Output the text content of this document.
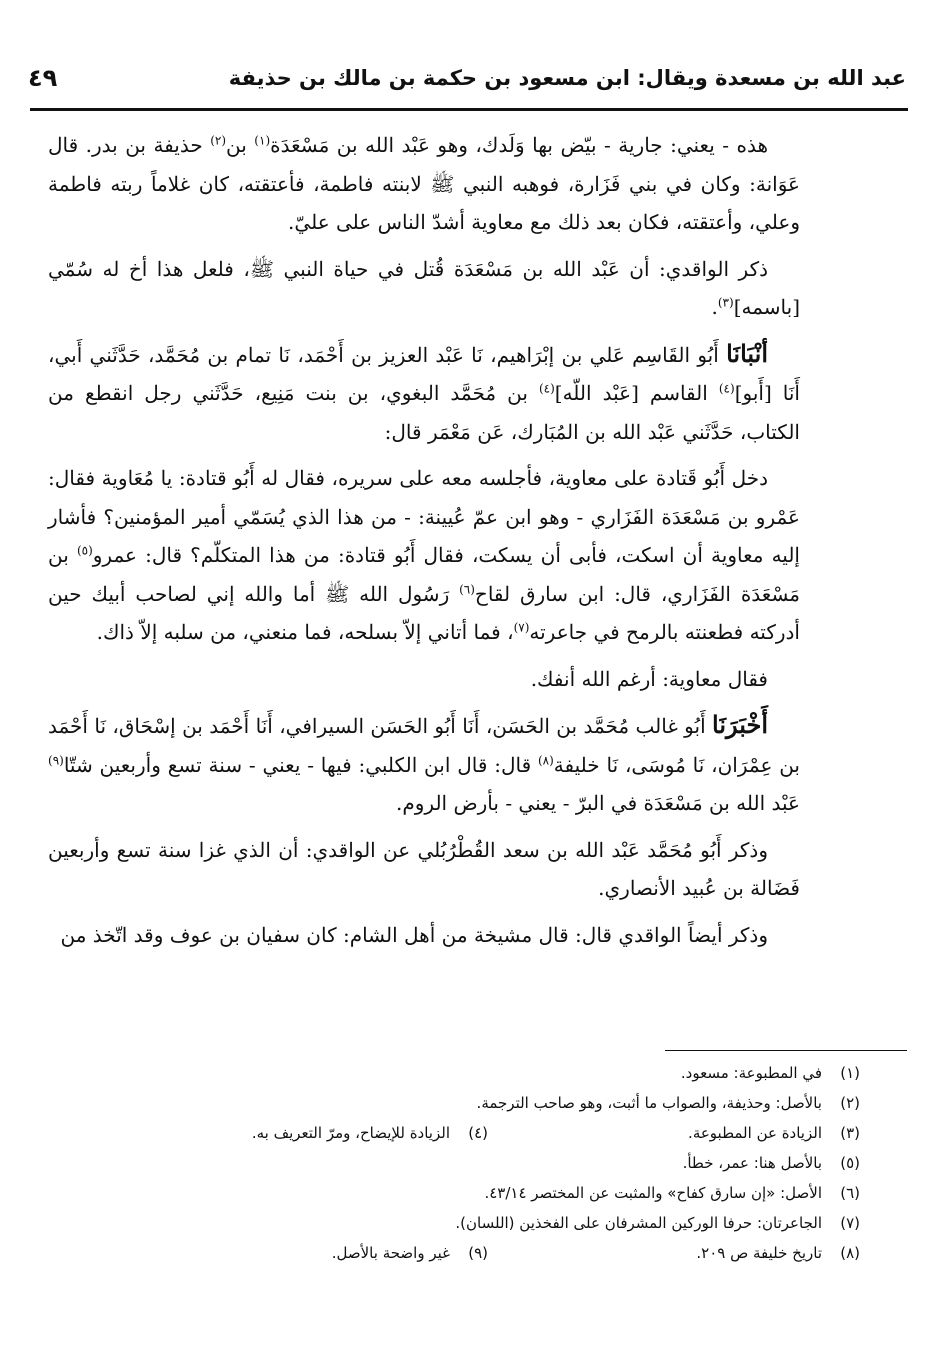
عبد الله بن مسعدة ويقال: ابن مسعود بن حكمة بن مالك بن حذيفة
٤٩

هذه - يعني: جارية - بيّض بها وَلَدك، وهو عَبْد الله بن مَسْعَدَة$^{(١)}$ بن$^{(٢)}$ حذيفة بن بدر. قال عَوَانة: وكان في بني فَزَارة، فوهبه النبي ﷺ لابنته فاطمة، فأعتقته، كان غلاماً ربته فاطمة وعلي، وأعتقته، فكان بعد ذلك مع معاوية أشدّ الناس على عليّ.

ذكر الواقدي: أن عَبْد الله بن مَسْعَدَة قُتل في حياة النبي ﷺ، فلعل هذا أخ له سُمّي [باسمه]$^{(٣)}$.

أنْبَانَا أَبُو القَاسِم عَلي بن إبْرَاهيم، نَا عَبْد العزيز بن أَحْمَد، نَا تمام بن مُحَمَّد، حَدَّثَني أَبي، أَنَا [أَبو]$^{(٤)}$ القاسم [عَبْد اللّه]$^{(٤)}$ بن مُحَمَّد البغوي، بن بنت مَنِيع، حَدَّثَني رجل انقطع من الكتاب، حَدَّثَني عَبْد الله بن المُبَارك، عَن مَعْمَر قال:

دخل أَبُو قَتادة على معاوية، فأجلسه معه على سريره، فقال له أَبُو قتادة: يا مُعَاوية فقال: عَمْرو بن مَسْعَدَة الفَزَاري - وهو ابن عمّ عُيينة: - من هذا الذي يُسَمّي أمير المؤمنين؟ فأشار إليه معاوية أن اسكت، فأبى أن يسكت، فقال أَبُو قتادة: من هذا المتكلّم؟ قال: عمرو$^{(٥)}$ بن مَسْعَدَة الفَزَاري، قال: ابن سارق لقاح$^{(٦)}$ رَسُول الله ﷺ أما والله إني لصاحب أبيك حين أدركته فطعنته بالرمح في جاعرته$^{(٧)}$، فما أتاني إلاّ بسلحه، فما منعني، من سلبه إلاّ ذاك.

فقال معاوية: أرغم الله أنفك.

أَخْبَرَنَا أَبُو غالب مُحَمَّد بن الحَسَن، أَنَا أَبُو الحَسَن السيرافي، أَنَا أَحْمَد بن إسْحَاق، نَا أَحْمَد بن عِمْرَان، نَا مُوسَى، نَا خليفة$^{(٨)}$ قال: قال ابن الكلبي: فيها - يعني - سنة تسع وأربعين شتّا$^{(٩)}$ عَبْد الله بن مَسْعَدَة في البرّ - يعني - بأرض الروم.

وذكر أَبُو مُحَمَّد عَبْد الله بن سعد القُطْرُبُلي عن الواقدي: أن الذي غزا سنة تسع وأربعين فَضَالة بن عُبيد الأنصاري.

وذكر أيضاً الواقدي قال: قال مشيخة من أهل الشام: كان سفيان بن عوف وقد اتّخذ من

(١)في المطبوعة: مسعود.
(٢)بالأصل: وحذيفة، والصواب ما أثبت، وهو صاحب الترجمة.
(٣)الزيادة عن المطبوعة.
(٤)الزيادة للإيضاح، ومرّ التعريف به.
(٥)بالأصل هنا: عمر، خطأ.
(٦)الأصل: «إن سارق كفاح» والمثبت عن المختصر ٤٣/١٤.
(٧)الجاعرتان: حرفا الوركين المشرفان على الفخذين (اللسان).
(٨)تاريخ خليفة ص ٢٠٩.
(٩)غير واضحة بالأصل.
